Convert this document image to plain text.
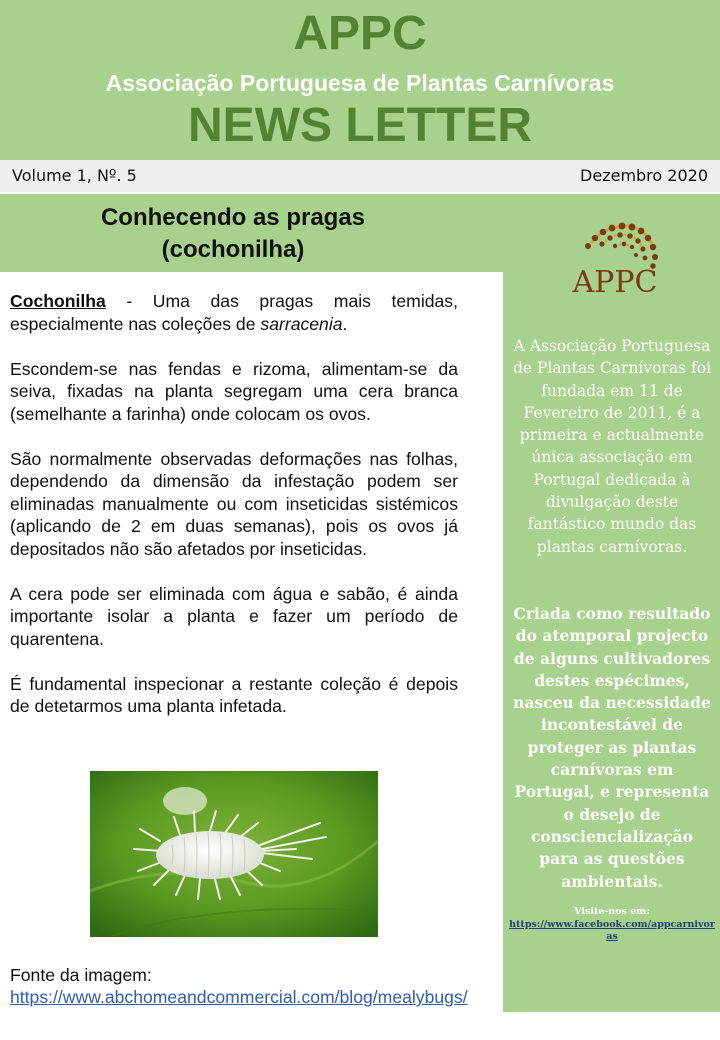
APPC
Associação Portuguesa de Plantas Carnívoras
NEWS LETTER
Volume 1, Nº. 5	Dezembro 2020
Conhecendo as pragas
(cochonilha)

Cochonilha - Uma das pragas mais temidas, especialmente nas coleções de sarracenia.

Escondem-se nas fendas e rizoma, alimentam-se da seiva, fixadas na planta segregam uma cera branca (semelhante a farinha) onde colocam os ovos.

São normalmente observadas deformações nas folhas, dependendo da dimensão da infestação podem ser eliminadas manualmente ou com inseticidas sistémicos (aplicando de 2 em duas semanas), pois os ovos já depositados não são afetados por inseticidas.

A cera pode ser eliminada com água e sabão, é ainda importante isolar a planta e fazer um período de quarentena.

É fundamental inspecionar a restante coleção é depois de detetarmos uma planta infetada.

Fonte da imagem:
https://www.abchomeandcommercial.com/blog/mealybugs/
APPC
A Associação Portuguesa de Plantas Carnívoras foi fundada em 11 de Fevereiro de 2011, é a primeira e actualmente única associação em Portugal dedicada à divulgação deste fantástico mundo das plantas carnívoras.
Criada como resultado do atemporal projecto de alguns cultivadores destes espécimes, nasceu da necessidade incontestável de proteger as plantas carnívoras em Portugal, e representa o desejo de consciencialização para as questões ambientais.
Visite-nos em:
https://www.facebook.com/appcarnivoras
